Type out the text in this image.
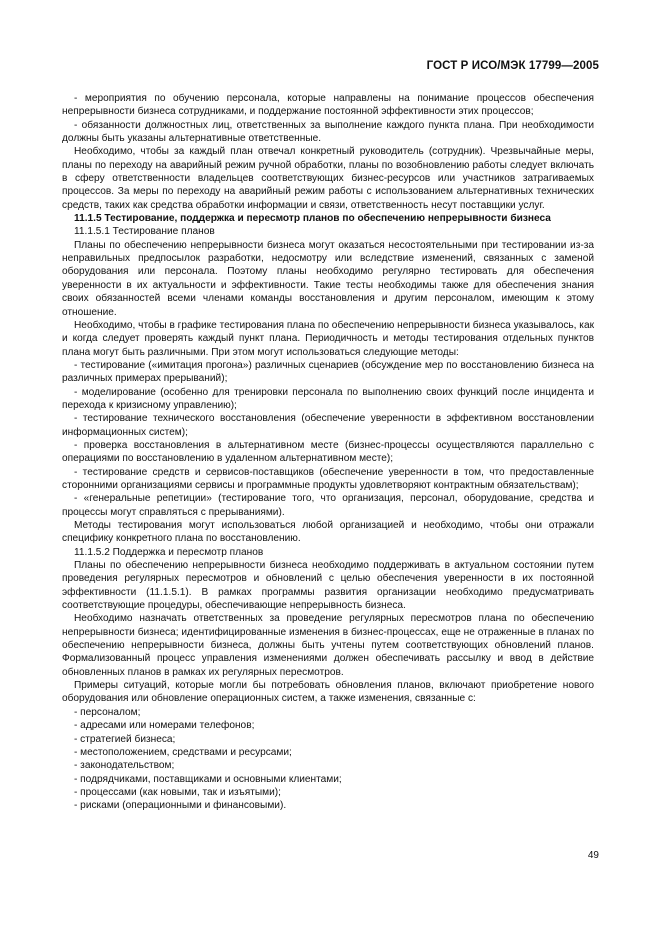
ГОСТ Р ИСО/МЭК 17799—2005

- мероприятия по обучению персонала, которые направлены на понимание процессов обеспечения непрерывности бизнеса сотрудниками, и поддержание постоянной эффективности этих процессов;

- обязанности должностных лиц, ответственных за выполнение каждого пункта плана. При необходимости должны быть указаны альтернативные ответственные.

Необходимо, чтобы за каждый план отвечал конкретный руководитель (сотрудник). Чрезвычайные меры, планы по переходу на аварийный режим ручной обработки, планы по возобновлению работы следует включать в сферу ответственности владельцев соответствующих бизнес-ресурсов или участников затрагиваемых процессов. За меры по переходу на аварийный режим работы с использованием альтернативных технических средств, таких как средства обработки информации и связи, ответственность несут поставщики услуг.

11.1.5 Тестирование, поддержка и пересмотр планов по обеспечению непрерывности бизнеса

11.1.5.1 Тестирование планов

Планы по обеспечению непрерывности бизнеса могут оказаться несостоятельными при тестировании из-за неправильных предпосылок разработки, недосмотру или вследствие изменений, связанных с заменой оборудования или персонала. Поэтому планы необходимо регулярно тестировать для обеспечения уверенности в их актуальности и эффективности. Такие тесты необходимы также для обеспечения знания своих обязанностей всеми членами команды восстановления и другим персоналом, имеющим к этому отношение.

Необходимо, чтобы в графике тестирования плана по обеспечению непрерывности бизнеса указывалось, как и когда следует проверять каждый пункт плана. Периодичность и методы тестирования отдельных пунктов плана могут быть различными. При этом могут использоваться следующие методы:

- тестирование («имитация прогона») различных сценариев (обсуждение мер по восстановлению бизнеса на различных примерах прерываний);

- моделирование (особенно для тренировки персонала по выполнению своих функций после инцидента и перехода к кризисному управлению);

- тестирование технического восстановления (обеспечение уверенности в эффективном восстановлении информационных систем);

- проверка восстановления в альтернативном месте (бизнес-процессы осуществляются параллельно с операциями по восстановлению в удаленном альтернативном месте);

- тестирование средств и сервисов-поставщиков (обеспечение уверенности в том, что предоставленные сторонними организациями сервисы и программные продукты удовлетворяют контрактным обязательствам);

- «генеральные репетиции» (тестирование того, что организация, персонал, оборудование, средства и процессы могут справляться с прерываниями).

Методы тестирования могут использоваться любой организацией и необходимо, чтобы они отражали специфику конкретного плана по восстановлению.

11.1.5.2 Поддержка и пересмотр планов

Планы по обеспечению непрерывности бизнеса необходимо поддерживать в актуальном состоянии путем проведения регулярных пересмотров и обновлений с целью обеспечения уверенности в их постоянной эффективности (11.1.5.1). В рамках программы развития организации необходимо предусматривать соответствующие процедуры, обеспечивающие непрерывность бизнеса.

Необходимо назначать ответственных за проведение регулярных пересмотров плана по обеспечению непрерывности бизнеса; идентифицированные изменения в бизнес-процессах, еще не отраженные в планах по обеспечению непрерывности бизнеса, должны быть учтены путем соответствующих обновлений планов. Формализованный процесс управления изменениями должен обеспечивать рассылку и ввод в действие обновленных планов в рамках их регулярных пересмотров.

Примеры ситуаций, которые могли бы потребовать обновления планов, включают приобретение нового оборудования или обновление операционных систем, а также изменения, связанные с:

- персоналом;

- адресами или номерами телефонов;

- стратегией бизнеса;

- местоположением, средствами и ресурсами;

- законодательством;

- подрядчиками, поставщиками и основными клиентами;

- процессами (как новыми, так и изъятыми);

- рисками (операционными и финансовыми).

49
